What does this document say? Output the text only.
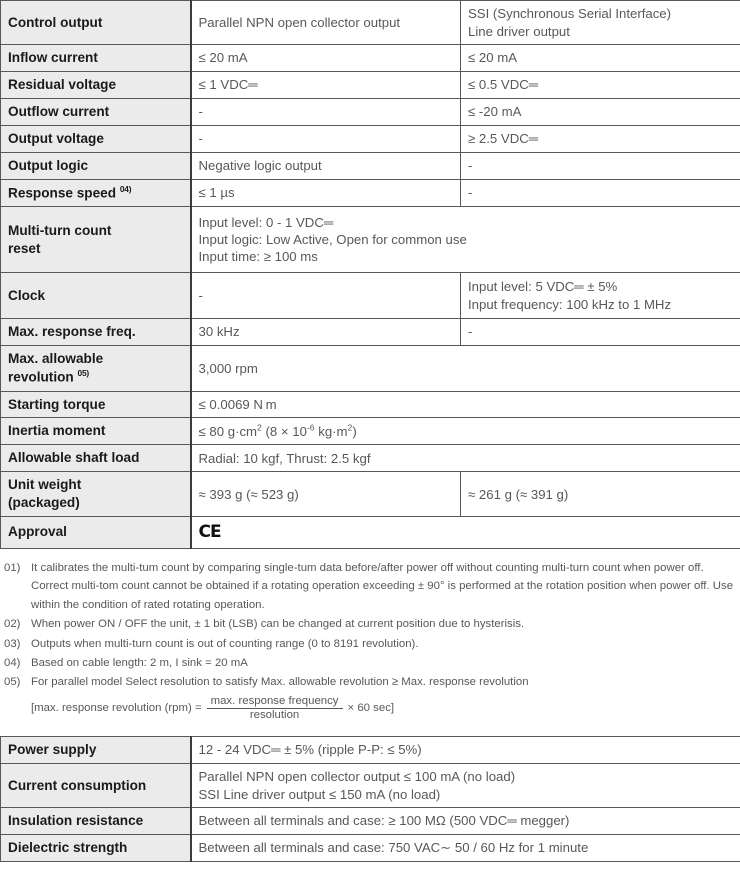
Control output	Parallel NPN open collector output	SSI (Synchronous Serial Interface)
Line driver output
Inflow current	≤ 20 mA	≤ 20 mA
Residual voltage	≤ 1 VDC═	≤ 0.5 VDC═
Outflow current	-	≤ -20 mA
Output voltage	-	≥ 2.5 VDC═
Output logic	Negative logic output	-
Response speed $^{04)}$	≤ 1 µs	-
Multi-turn count
reset	Input level: 0 - 1 VDC═
Input logic: Low Active, Open for common use
Input time: ≥ 100 ms	
Clock	-	Input level: 5 VDC═ ± 5%
Input frequency: 100 kHz to 1 MHz
Max. response freq.	30 kHz	-
Max. allowable
revolution $^{05)}$	3,000 rpm	
Starting torque	≤ 0.0069 N m	
Inertia moment	≤ 80 $g\cdot cm^2$ ($8 \times 10^{-6}$ $kg\cdot m^2$)	
Allowable shaft load	Radial: 10 kgf, Thrust: 2.5 kgf	
Unit weight
(packaged)	≈ 393 g (≈ 523 g)	≈ 261 g (≈ 391 g)
Approval	CE	
01) It calibrates the multi-tum count by comparing single-tum data before/after power off without counting multi-turn count when power off. Correct multi-tom count cannot be obtained if a rotating operation exceeding ± 90° is performed at the rotation position when power off. Use within the condition of rated rotating operation.
02) When power ON / OFF the unit, ± 1 bit (LSB) can be changed at current position due to hysterisis.
03) Outputs when multi-turn count is out of counting range (0 to 8191 revolution).
04) Based on cable length: 2 m, I sink = 20 mA
05) For parallel model Select resolution to satisfy Max. allowable revolution ≥ Max. response revolution
[max. response revolution $(rpm) = \frac{\text{max. response frequency}}{\text{resolution}} \times 60$ sec]
Power supply	12 - 24 VDC═ ± 5% (ripple P-P: ≤ 5%)
Current consumption	Parallel NPN open collector output ≤ 100 mA (no load)
SSI Line driver output ≤ 150 mA (no load)
Insulation resistance	Between all terminals and case: ≥ 100 MΩ (500 VDC═ megger)
Dielectric strength	Between all terminals and case: 750 VAC∼ 50 / 60 Hz for 1 minute
